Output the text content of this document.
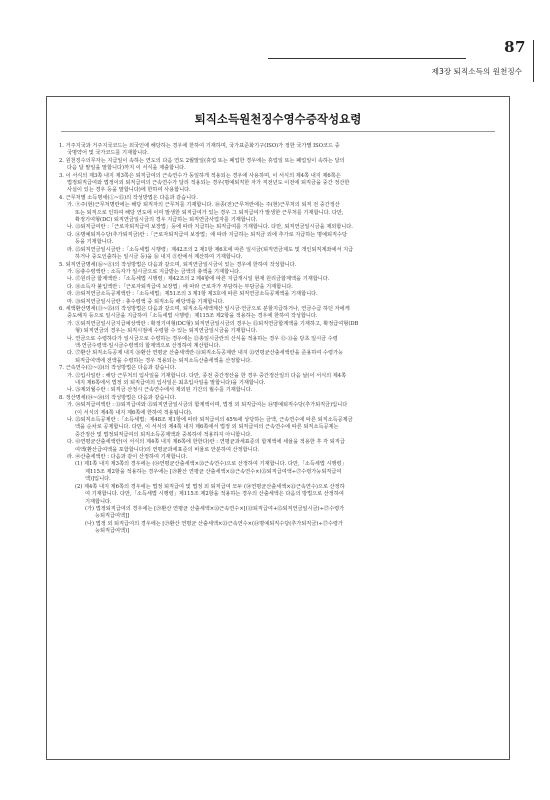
87
제3장 퇴직소득의 원천징수
퇴직소득원천징수영수증작성요령
1. 거주지국과 거주지국코드는 외국인에 해당하는 경우에 한하여 기재하며, 국가표준화기구(ISO)가 정한 국가별 ISO코드 중
국명약어 및 국가코드를 기재합니다.
2. 원천징수의무자는 지급일이 속하는 연도의 다음 연도 2월말일(휴업 또는 폐업한 경우에는 휴업일 또는 폐업일이 속하는 달의
다음 달 말일을 말합니다)까지 이 서식을 제출합니다.
3. 이 서식의 제3쪽 내지 제3쪽은 퇴직급여의 근속연수가 동일하게 적용되는 경우에 사용하며, 이 서식의 제4쪽 내지 제6쪽은
법정퇴직급여와 법정이외 퇴직급여의 근속연수가 달리 적용되는 경우(명예퇴직한 자가 직전년도 이전에 퇴직금을 중간 정산한
사실이 있는 경우 등을 말합니다)에 한하여 사용합니다.
4. 근무처별 소득명세(①~⑮)의 작성방법은 다음과 같습니다.
가. ⑨주(현)근무처명란에는 해당 퇴직자의 근무처를 기재합니다. ⑩종(전)근무처란에는 주(현)근무처의 퇴직 전 중간정산
또는 퇴직으로 인하여 해당 연도에 이미 발생한 퇴직급여가 있는 경우 그 퇴직급여가 발생한 근무처를 기재합니다. 다만,
확정기여형(DC) 퇴직연금일시금의 경우 지급하는 퇴직연금사업자를 기재합니다.
나. ⑬퇴직급여란 :「근로자퇴직급여 보장법」등에 따라 지급하는 퇴직급여를 기재합니다. 다만, 퇴직연금일시금을 제외합니다.
다. ⑭명예퇴직수당(추가퇴직금)란 :「근로자퇴직급여 보장법」에 따라 지급하는 퇴직금 외에 추가로 지급하는 명예퇴직수당
등을 기재합니다.
라. ⑮퇴직연금일시금란 :「소득세법 시행령」제42조의 2 제1항 제6호에 따른 일시금(퇴직연금제도 및 개인퇴직계좌에서 지급
하거나 중도인출하는 일시금 등)을 ⑯ 내지 ㉑란에서 계산하여 기재합니다.
5. 퇴직연금명세(⑯~㉑)의 작성방법은 다음과 같으며, 퇴직연금일시금이 있는 경우에 한하여 작성합니다.
가. ⑯총수령액란 : 소득자가 일시금으로 지급받는 금액의 총액을 기재합니다.
나. ⑰원리금 합계액란 :「소득세법 시행령」제42조의 2 제4항에 따른 지급개시일 현재 원리금합계액을 기재합니다.
다. ⑱소득자 불입액란 :「근로자퇴직급여 보장법」에 따라 근로자가 부담하는 부담금을 기재합니다.
라. ⑲퇴직연금소득공제액란 :「소득세법」제51조의 3 제1항 제3호에 따른 퇴직연금소득공제액을 기재합니다.
마. ⑳퇴직연금일시금란 : 총수령액 중 퇴직소득 해당액을 기재합니다.
6. 세액환산명세(㉑~㉟)의 작성방법은 다음과 같으며, 퇴직소득세액계산 일시금·연금으로 분할지급하거나, 연금수급 하던 자에게
중도해지 등으로 일시금을 지급하여「소득세법 시행령」제115조 제2항을 적용하는 경우에 한하여 작성합니다.
가. ㉑퇴직연금일시금지급예상액란 : 확정기여형(DC형) 퇴직연금일시금의 경우는 ⑮퇴직연금합계액을 기재하고, 확정급여형(DB
형) 퇴직연금의 경우는 퇴직시점에 수령할 수 있는 퇴직연금일시금을 기재합니다.
나. 연금으로 수령하다가 일시금으로 수령하는 경우에는 ㉒총일시금란의 산식을 적용하는 경우 ⑫·⑬을 당초 일시금 수령
액·연금수령액·일시금수령액의 합계액으로 산정하여 계산합니다.
다. ㉗환산 퇴직소득공제 내지 ㉘환산 연평균 산출세액란·㉛퇴직소득공제란 내지 ㉝연평균산출세액란을 준용하여 수령가능
퇴직급여액에 전액을 수령하는 경우 적용되는 퇴직소득산출세액을 산정합니다.
7. 근속연수(㉒~㉝)의 작성방법은 다음과 같습니다.
가. ㉒입사일란 : 해당 근무처의 입사일을 기재합니다. 다만, 종전 중간정산을 한 경우 중간정산일의 다음 날(이 서식의 제4쪽
내지 제6쪽에서 법정 외 퇴직급여의 입사일은 최초입사일을 말합니다)을 기재합니다.
나. ㉖제외월수란 : 퇴직금 산정시 근속연수에서 제외된 기간의 월수를 기재합니다.
8. 정산명세(㉞~㊿)의 작성방법은 다음과 같습니다.
가. ㉞퇴직급여액란 : ⑬퇴직급여와 ⑮퇴직연금일시금의 합계액이며, 법정 외 퇴직급여는 ⑭명예퇴직수당(추가퇴직금)입니다
(이 서식의 제4쪽 내지 제6쪽에 한하여 적용됩니다).
나. ㉟퇴직소득공제란 :「소득세법」제48조 제1항에 따라 퇴직급여의 45%에 상당하는 금액, 근속연수에 따른 퇴직소득공제금
액을 순차로 공제합니다. 다만, 이 서식의 제4쪽 내지 제6쪽에서 법정 외 퇴직급여의 근속연수에 따른 퇴직소득공제는
중간정산 및 법정퇴직급여의 퇴직소득공제액과 중복하여 적용하지 아니합니다.
다. ㊸연평균산출세액란(이 서식의 제4쪽 내지 제6쪽에 한한다)란 : 연평균과세표준의 합계액에 세율을 적용한 후 각 퇴직급
여액(환산급여액을 포함합니다)의 연평균과세표준의 비율로 안분하여 산정합니다.
라. ㊹산출세액란 : 다음과 같이 산정하여 기재합니다.
(1) 제1쪽 내지 제3쪽의 경우에는 (㉞연평균산출세액×㉝근속연수)으로 산정하여 기재합니다. 다만,「소득세법 시행령」
제115조 제2항을 적용하는 경우에는 [㉙환산 연평균 산출세액×㉝근속연수×(⑮퇴직급여액÷㉗수령가능퇴직급여
액)]입니다.
(2) 제4쪽 내지 제6쪽의 경우에는 법정 퇴직급여 및 법정 외 퇴직급여 모두 (㉞연평균산출세액×㉝근속연수)으로 산정하
여 기재합니다. 다만,「소득세법 시행령」제115조 제2항을 적용하는 경우의 산출세액은 다음의 방법으로 산정하여
기재합니다.
(가) 법정퇴직급여의 경우에는 [㉙환산 연평균 산출세액×㉝근속연수×[(⑬퇴직급여+⑮퇴직연금일시금)÷㉗수령가
능퇴직급여액]]
(나) 법정 외 퇴직급여의 경우에는 [㉙환산 연평균 산출세액×㉝근속연수×(⑭명예퇴직수당(추가퇴직금)÷㉗수령가
능퇴직급여액)]
